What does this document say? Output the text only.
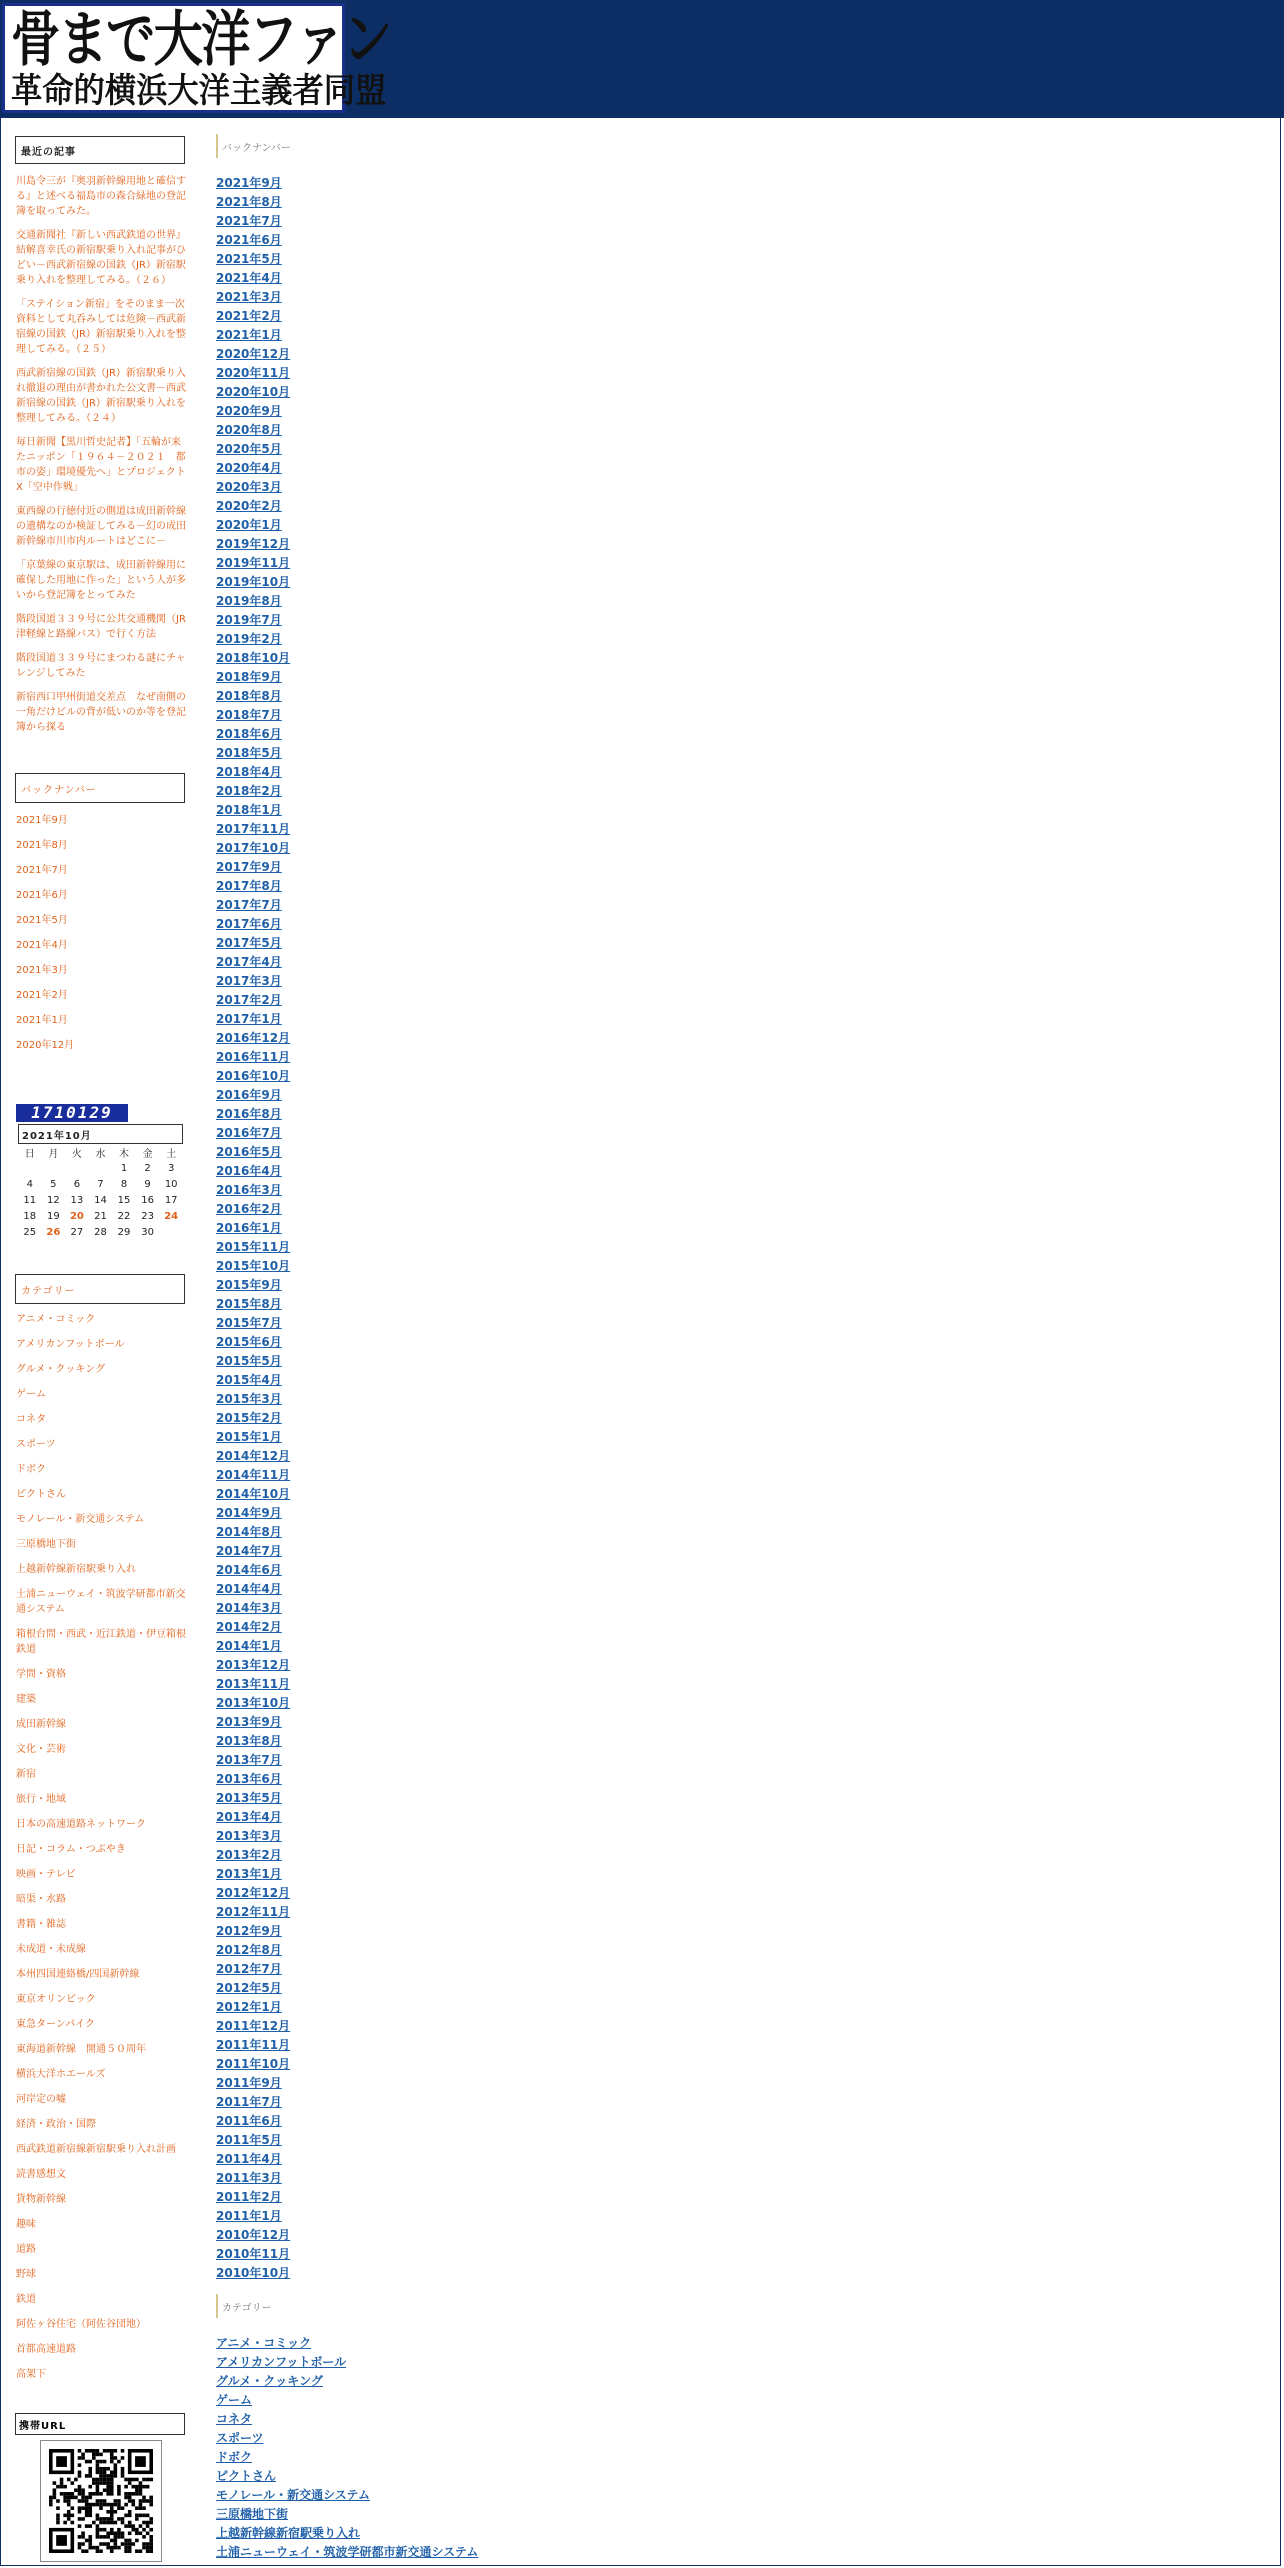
骨まで大洋ファン
革命的横浜大洋主義者同盟
最近の記事
川島令三が『奥羽新幹線用地と確信する』と述べる福島市の森合緑地の登記簿を取ってみた。
交通新聞社『新しい西武鉄道の世界』結解喜幸氏の新宿駅乗り入れ記事がひどい－西武新宿線の国鉄（JR）新宿駅乗り入れを整理してみる。（２６）
「ステイション新宿」をそのまま一次資料として丸呑みしては危険－西武新宿線の国鉄（JR）新宿駅乗り入れを整理してみる。（２５）
西武新宿線の国鉄（JR）新宿駅乗り入れ撤退の理由が書かれた公文書－西武新宿線の国鉄（JR）新宿駅乗り入れを整理してみる。（２４）
毎日新聞【黒川哲史記者】「五輪が来たニッポン「１９６４－２０２１　都市の姿」環境優先へ」とプロジェクトX「空中作戦」
東西線の行徳付近の側道は成田新幹線の遺構なのか検証してみる－幻の成田新幹線市川市内ルートはどこに－
「京葉線の東京駅は、成田新幹線用に確保した用地に作った」という人が多いから登記簿をとってみた
階段国道３３９号に公共交通機関（JR津軽線と路線バス）で行く方法
階段国道３３９号にまつわる謎にチャレンジしてみた
新宿西口甲州街道交差点　なぜ南側の一角だけビルの背が低いのか等を登記簿から探る
バックナンバー
2021年9月
2021年8月
2021年7月
2021年6月
2021年5月
2021年4月
2021年3月
2021年2月
2021年1月
2020年12月
1710129
2021年10月
日	月	火	水	木	金	土
				1	2	3
4	5	6	7	8	9	10
11	12	13	14	15	16	17
18	19	20	21	22	23	24
25	26	27	28	29	30	
カテゴリー
アニメ・コミック
アメリカンフットボール
グルメ・クッキング
ゲーム
コネタ
スポーツ
ドボク
ピクトさん
モノレール・新交通システム
三原橋地下街
上越新幹線新宿駅乗り入れ
土浦ニューウェイ・筑波学研都市新交通システム
箱根台問・西武・近江鉄道・伊豆箱根鉄道
学問・資格
建築
成田新幹線
文化・芸術
新宿
旅行・地域
日本の高速道路ネットワーク
日記・コラム・つぶやき
映画・テレビ
暗渠・水路
書籍・雑誌
未成道・未成線
本州四国連絡橋/四国新幹線
東京オリンピック
東急ターンパイク
東海道新幹線　開通５０周年
横浜大洋ホエールズ
河岸定の嘘
経済・政治・国際
西武鉄道新宿線新宿駅乗り入れ計画
読書感想文
貨物新幹線
趣味
道路
野球
鉄道
阿佐ヶ谷住宅（阿佐谷団地）
首都高速道路
高架下
携帯URL
バックナンバー
2021年9月
2021年8月
2021年7月
2021年6月
2021年5月
2021年4月
2021年3月
2021年2月
2021年1月
2020年12月
2020年11月
2020年10月
2020年9月
2020年8月
2020年5月
2020年4月
2020年3月
2020年2月
2020年1月
2019年12月
2019年11月
2019年10月
2019年8月
2019年7月
2019年2月
2018年10月
2018年9月
2018年8月
2018年7月
2018年6月
2018年5月
2018年4月
2018年2月
2018年1月
2017年11月
2017年10月
2017年9月
2017年8月
2017年7月
2017年6月
2017年5月
2017年4月
2017年3月
2017年2月
2017年1月
2016年12月
2016年11月
2016年10月
2016年9月
2016年8月
2016年7月
2016年5月
2016年4月
2016年3月
2016年2月
2016年1月
2015年11月
2015年10月
2015年9月
2015年8月
2015年7月
2015年6月
2015年5月
2015年4月
2015年3月
2015年2月
2015年1月
2014年12月
2014年11月
2014年10月
2014年9月
2014年8月
2014年7月
2014年6月
2014年4月
2014年3月
2014年2月
2014年1月
2013年12月
2013年11月
2013年10月
2013年9月
2013年8月
2013年7月
2013年6月
2013年5月
2013年4月
2013年3月
2013年2月
2013年1月
2012年12月
2012年11月
2012年9月
2012年8月
2012年7月
2012年5月
2012年1月
2011年12月
2011年11月
2011年10月
2011年9月
2011年7月
2011年6月
2011年5月
2011年4月
2011年3月
2011年2月
2011年1月
2010年12月
2010年11月
2010年10月
カテゴリー
アニメ・コミック
アメリカンフットボール
グルメ・クッキング
ゲーム
コネタ
スポーツ
ドボク
ピクトさん
モノレール・新交通システム
三原橋地下街
上越新幹線新宿駅乗り入れ
土浦ニューウェイ・筑波学研都市新交通システム
